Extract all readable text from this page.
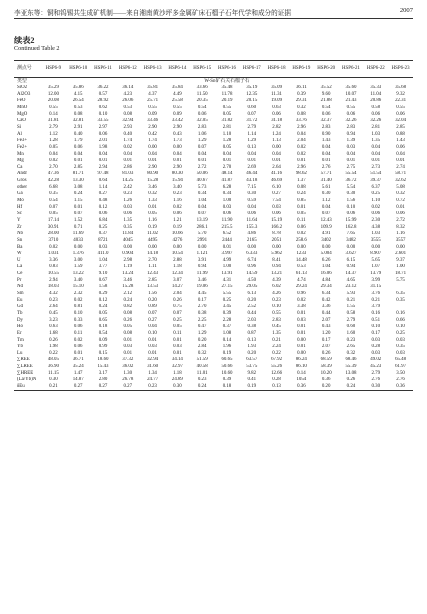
李亚东等：铜和钨锡共生成矿机制——来自湘南黄沙坪多金属矿床石榴子石年代学和成分的证据	2007
续表2
Continued Table 2
测点号	HSP6-9	HSP6-10	HSP6-11	HSP6-12	HSP6-13	HSP6-14	HSP6-15	HSP6-16	HSP6-17	HSP6-18	HSP6-19	HSP6-20	HSP6-21	HSP6-22	HSP6-23
类型	W-Sn矿石关石榴子石														
SiO2	35.29	35.86	36.22	36.14	35.81	35.84	33.66	35.48	35.19	35.09	36.11	35.52	35.60	35.33	35.68
Al2O3	12.00	4.15	0.57	4.23	4.37	4.49	11.50	11.78	12.35	11.31	0.39	9.60	10.07	11.04	9.32
FeO	20.08	26.54	28.92	26.06	25.71	25.58	20.35	20.19	20.15	19.09	29.31	21.88	21.43	20.86	22.31
MnO	0.55	0.53	0.62	0.53	0.55	0.55	0.54	0.55	0.60	0.63	0.32	0.54	0.55	0.58	0.55
MgO	0.14	0.08	0.10	0.08	0.09	0.09	0.06	0.05	0.07	0.06	0.08	0.06	0.06	0.06	0.06
CaO	31.81	32.81	33.55	32.94	33.46	33.42	32.05	31.82	31.72	31.18	33.76	32.37	32.26	32.26	32.04
Si	2.79	2.91	2.97	2.93	2.90	2.90	2.83	2.81	2.79	2.82	2.96	2.83	2.83	2.81	2.85
Al	1.12	0.40	0.06	0.40	0.42	0.43	1.06	1.10	1.14	1.24	0.04	0.90	0.94	1.03	0.88
Fe3+	1.28	1.79	2.01	1.74	1.74	1.73	1.29	1.28	1.29	1.13	2.04	1.43	1.39	1.35	1.43
Fe2+	0.05	0.06	1.98	0.02	0.00	0.00	0.07	0.05	0.13	0.00	0.02	0.04	0.03	0.04	0.06
Mn	0.04	0.04	0.04	0.04	0.04	0.04	0.04	0.04	0.04	0.04	0.02	0.04	0.04	0.04	0.04
Mg	0.02	0.01	0.01	0.01	0.01	0.01	0.01	0.01	0.01	0.01	0.01	0.01	0.01	0.01	0.01
Ca	2.70	2.85	2.94	2.86	2.90	2.90	2.72	2.70	2.69	2.64	2.96	2.76	2.75	2.73	2.74
Andr	47.36	81.71	97.48	81.03	80.90	80.30	50.06	48.14	46.44	41.16	98.62	57.71	55.54	51.54	58.71
Gros	42.28	13.30	0.64	14.25	15.28	15.94	40.67	41.87	43.18	46.69	1.37	31.40	36.72	39.37	32.62
other	6.68	3.08	1.14	2.42	3.46	3.40	5.73	6.28	7.15	6.10	0.08	5.61	5.54	6.37	5.08
Ga	0.35	0.24	0.27	0.23	0.32	0.23	0.34	0.34	0.30	0.27	0.24	0.30	0.30	0.25	0.32
Mo	0.54	1.15	0.48	1.26	1.33	1.16	1.04	1.00	0.59	7.54	0.85	1.12	1.56	1.10	0.72
Hf	0.07	0.01	0.12	0.03	0.01	0.02	0.04	0.03	0.04	0.03	0.01	0.04	0.10	0.02	0.01
Sc	0.05	0.07	0.06	0.06	0.05	0.06	0.07	0.06	0.06	0.06	0.05	0.07	0.06	0.06	0.06
Y	17.14	1.52	6.84	1.35	1.16	1.21	13.19	11.90	11.64	15.19	0.11	12.43	15.99	2.30	2.72
Zr	30.91	0.71	0.25	0.35	0.19	0.19	286.1	215.5	155.3	166.2	0.06	109.9	162.8	4.38	8.32
Nb	28.00	11.69	0.37	11.84	11.02	10.66	5.70	6.52	4.86	8.78	0.02	4.91	7.65	1.03	1.16
Sn	3710	4033	8721	4045	4495	4276	2991	2444	2165	2051	258.6	3402	3482	3555	3557
Ba	0.02	0.00	0.03	0.00	0.00	0.00	0.00	0.01	0.00	0.00	0.00	0.00	0.00	0.00	0.00
W	1.031	1.376	411.0	0.904	14.18	10.54	1.121	3.997	6.333	5.962	1233	5.004	3.627	8.907	2.601
U	3.36	3.00	1.04	2.98	2.70	2.88	3.91	4.99	6.74	8.41	14.48	6.26	6.15	5.65	9.37
La	0.83	1.59	3.77	1.19	1.11	1.18	0.94	1.00	0.96	0.94	0.53	1.04	0.94	1.07	1.00
Ce	10.55	13.22	9.10	13.24	12.43	12.34	11.99	13.91	14.59	13.21	61.13	16.06	14.37	13.79	18.71
Pr	2.94	3.40	0.67	3.46	2.85	3.07	3.46	4.31	4.50	4.39	4.74	4.84	4.65	3.99	5.75
Nd	18.03	15.10	1.58	15.28	13.53	14.27	19.06	27.15	29.05	6.02	29.24	29.34	23.12	31.15	
Sm	4.32	2.32	0.29	2.12	1.56	2.04	4.45	5.55	6.13	4.26	0.96	6.34	5.93	3.76	6.35
Eu	0.23	0.02	0.12	0.24	0.20	0.26	0.17	0.25	0.20	0.23	0.02	0.42	0.21	0.21	0.35
Gd	2.64	0.81	0.24	0.82	0.89	0.75	2.70	3.45	2.52	0.10	3.38	3.36	1.55	3.79	
Tb	0.45	0.10	0.05	0.08	0.07	0.07	0.38	0.39	0.44	0.55	0.01	0.44	0.58	0.16	0.16
Dy	3.23	0.33	0.65	0.26	0.27	0.25	2.25	2.28	2.03	2.83	0.03	2.07	2.79	0.51	0.66
Ho	0.63	0.06	0.18	0.05	0.04	0.05	0.47	0.37	0.38	0.45	0.01	0.43	0.60	0.10	0.10
Er	1.68	0.11	0.54	0.08	0.10	0.11	1.29	1.08	0.87	1.35	0.01	1.20	1.60	0.17	0.25
Tm	0.26	0.02	0.09	0.01	0.01	0.01	0.20	0.14	0.13	0.21	0.00	0.17	0.23	0.03	0.03
Yb	1.98	0.06	0.99	0.03	0.03	0.03	2.84	1.96	1.93	2.24	0.01	2.07	2.65	0.28	0.35
Lu	0.22	0.01	0.15	0.01	0.01	0.01	0.32	0.19	0.20	0.22	0.00	0.26	0.32	0.03	0.03
∑REE	48.05	36.71	18.60	37.32	32.94	34.14	51.59	60.65	63.57	67.92	86.24	68.59	68.46	49.02	65.48
∑LREE	36.90	35.24	15.43	36.02	31.60	32.97	40.58	50.66	53.75	55.26	86.10	58.39	55.39	45.23	61.97
∑HREE	11.15	1.47	3.17	1.30	1.34	1.18	11.01	10.60	9.82	12.66	0.14	10.20	13.08	2.79	3.50
(La/Yb)N	0.30	14.87	2.80	26.78	24.77	24.89	0.23	0.39	0.41	0.28	1054	0.36	0.26	2.76	2.76
δEu	0.21	0.27	0.27	0.27	0.23	0.30	0.24	0.18	0.19	0.13	0.36	0.20	0.24	0.30	0.36
